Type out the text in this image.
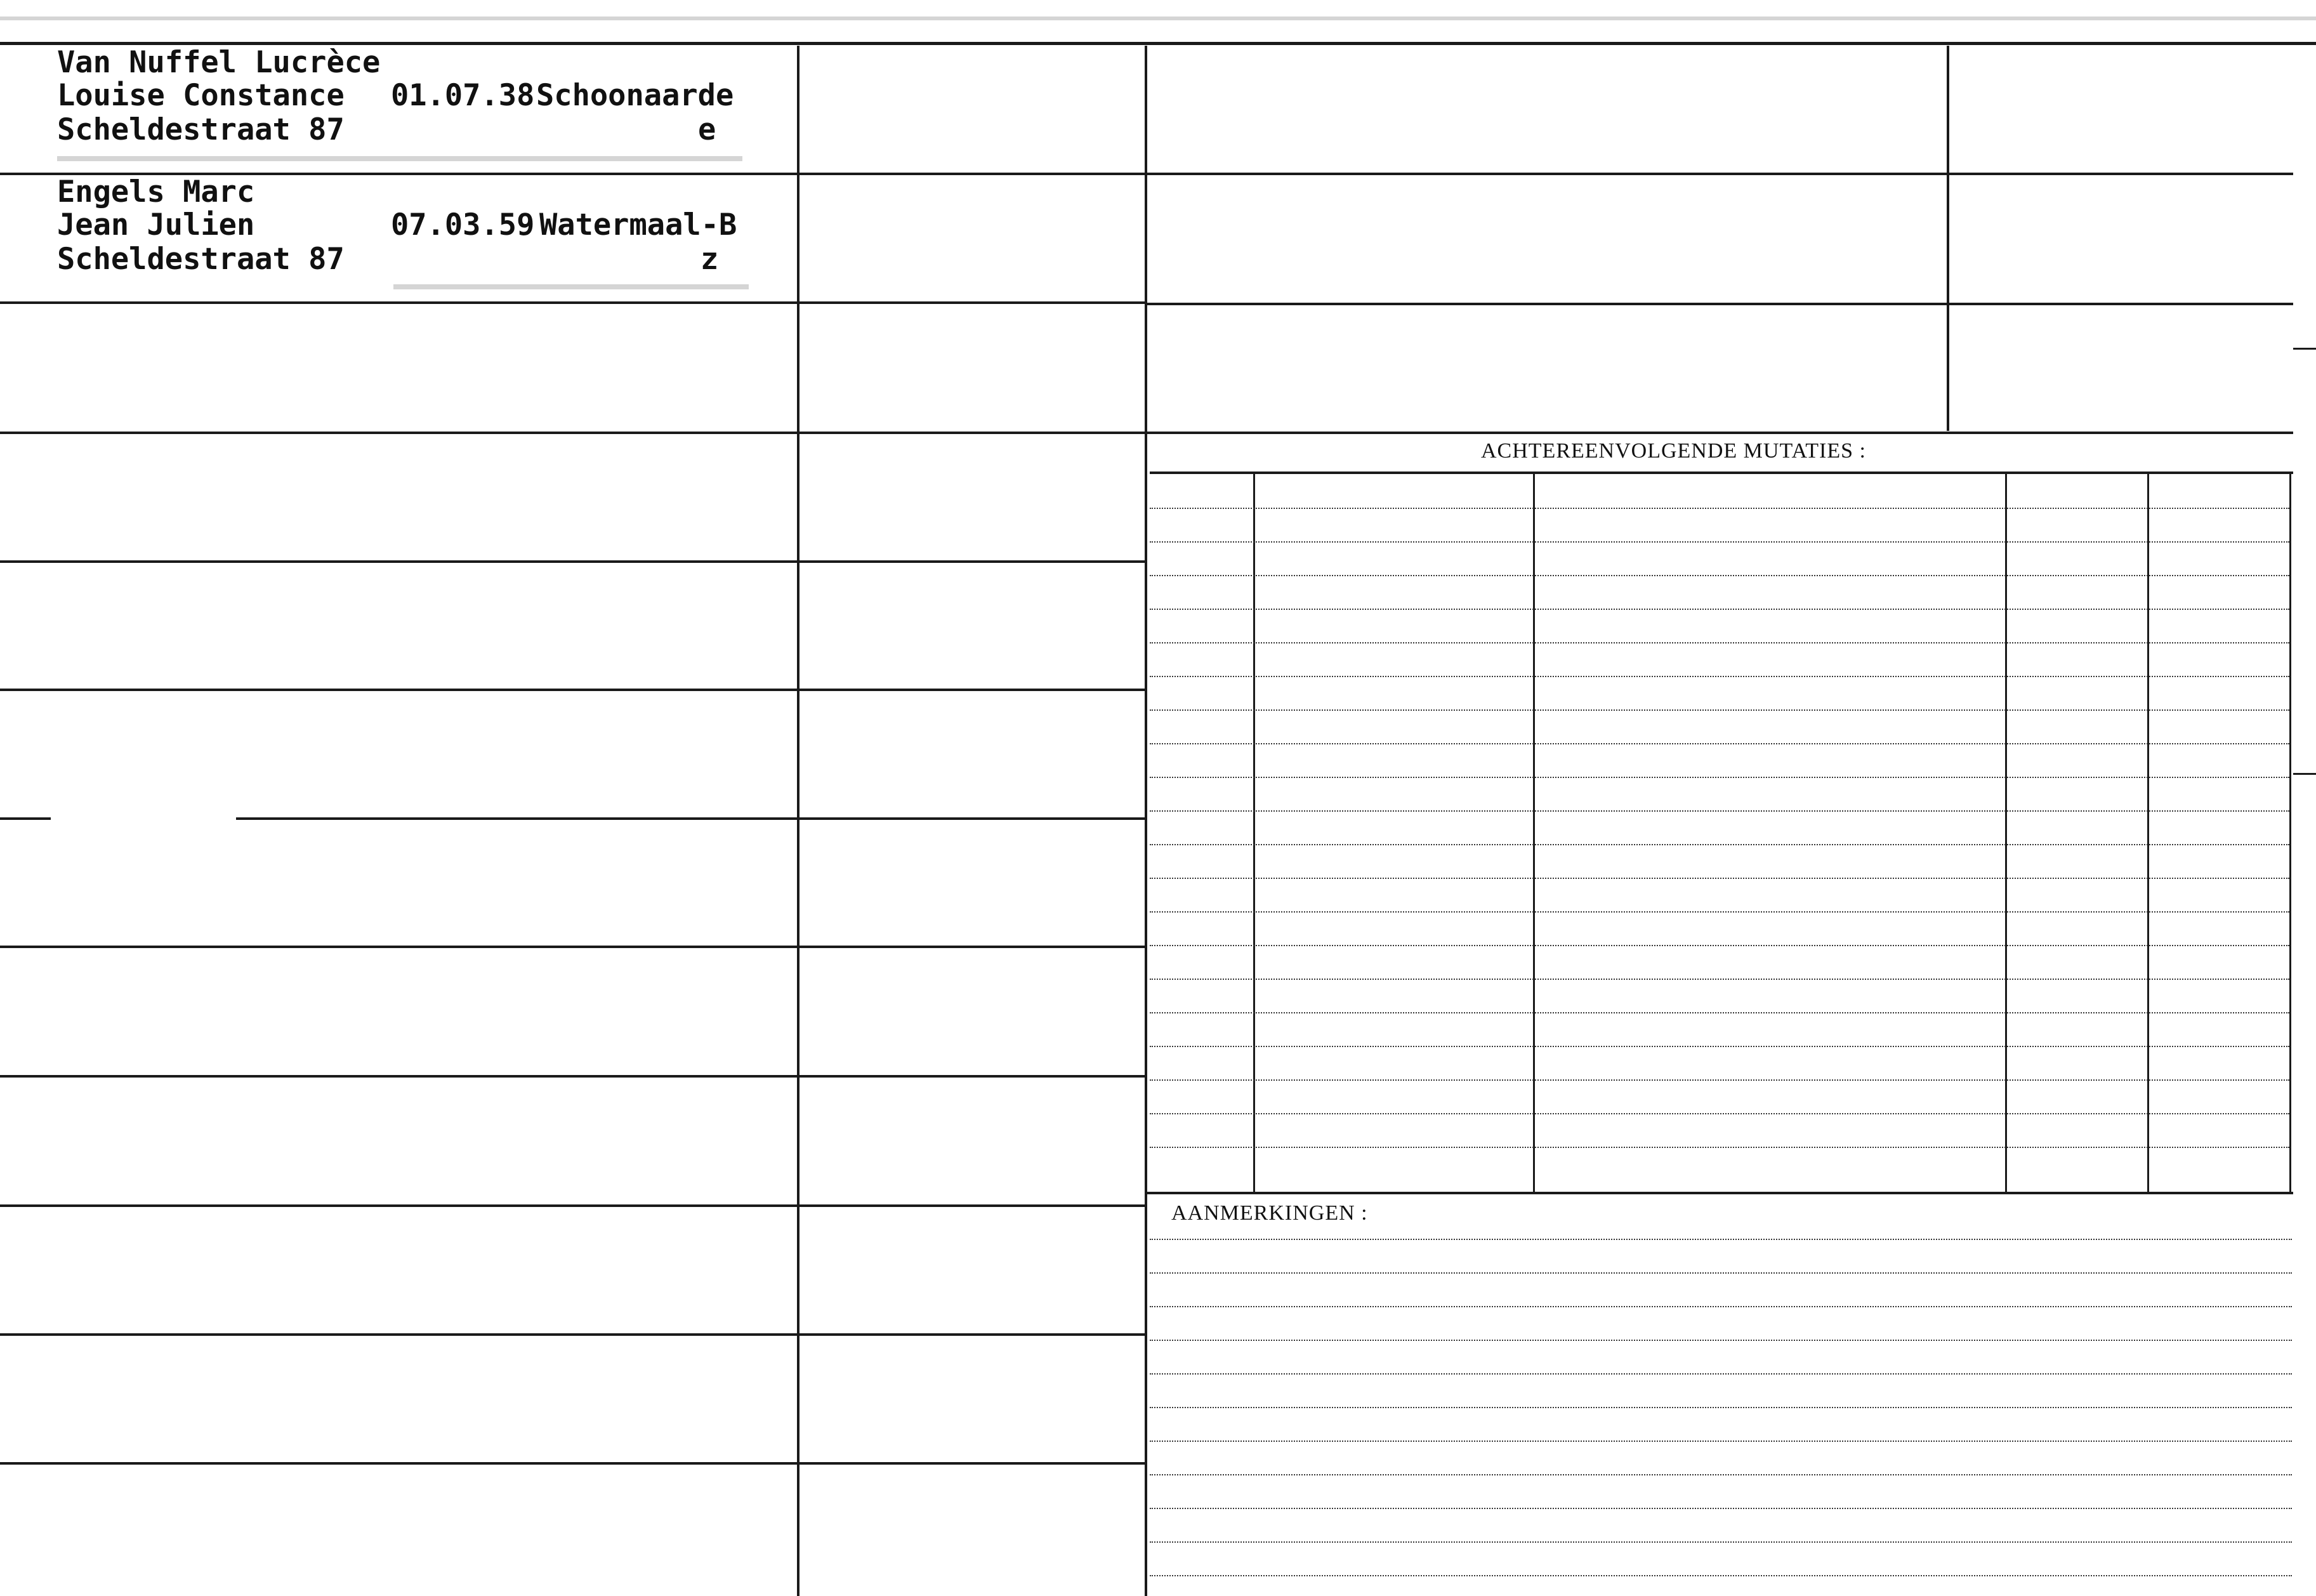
Van Nuffel Lucrèce
Louise Constance
Scheldestraat 87
01.07.38 Schoonaarde
e
Engels Marc
Jean Julien
Scheldestraat 87
07.03.59 Watermaal-B
z
ACHTEREENVOLGENDE MUTATIES :
AANMERKINGEN :
